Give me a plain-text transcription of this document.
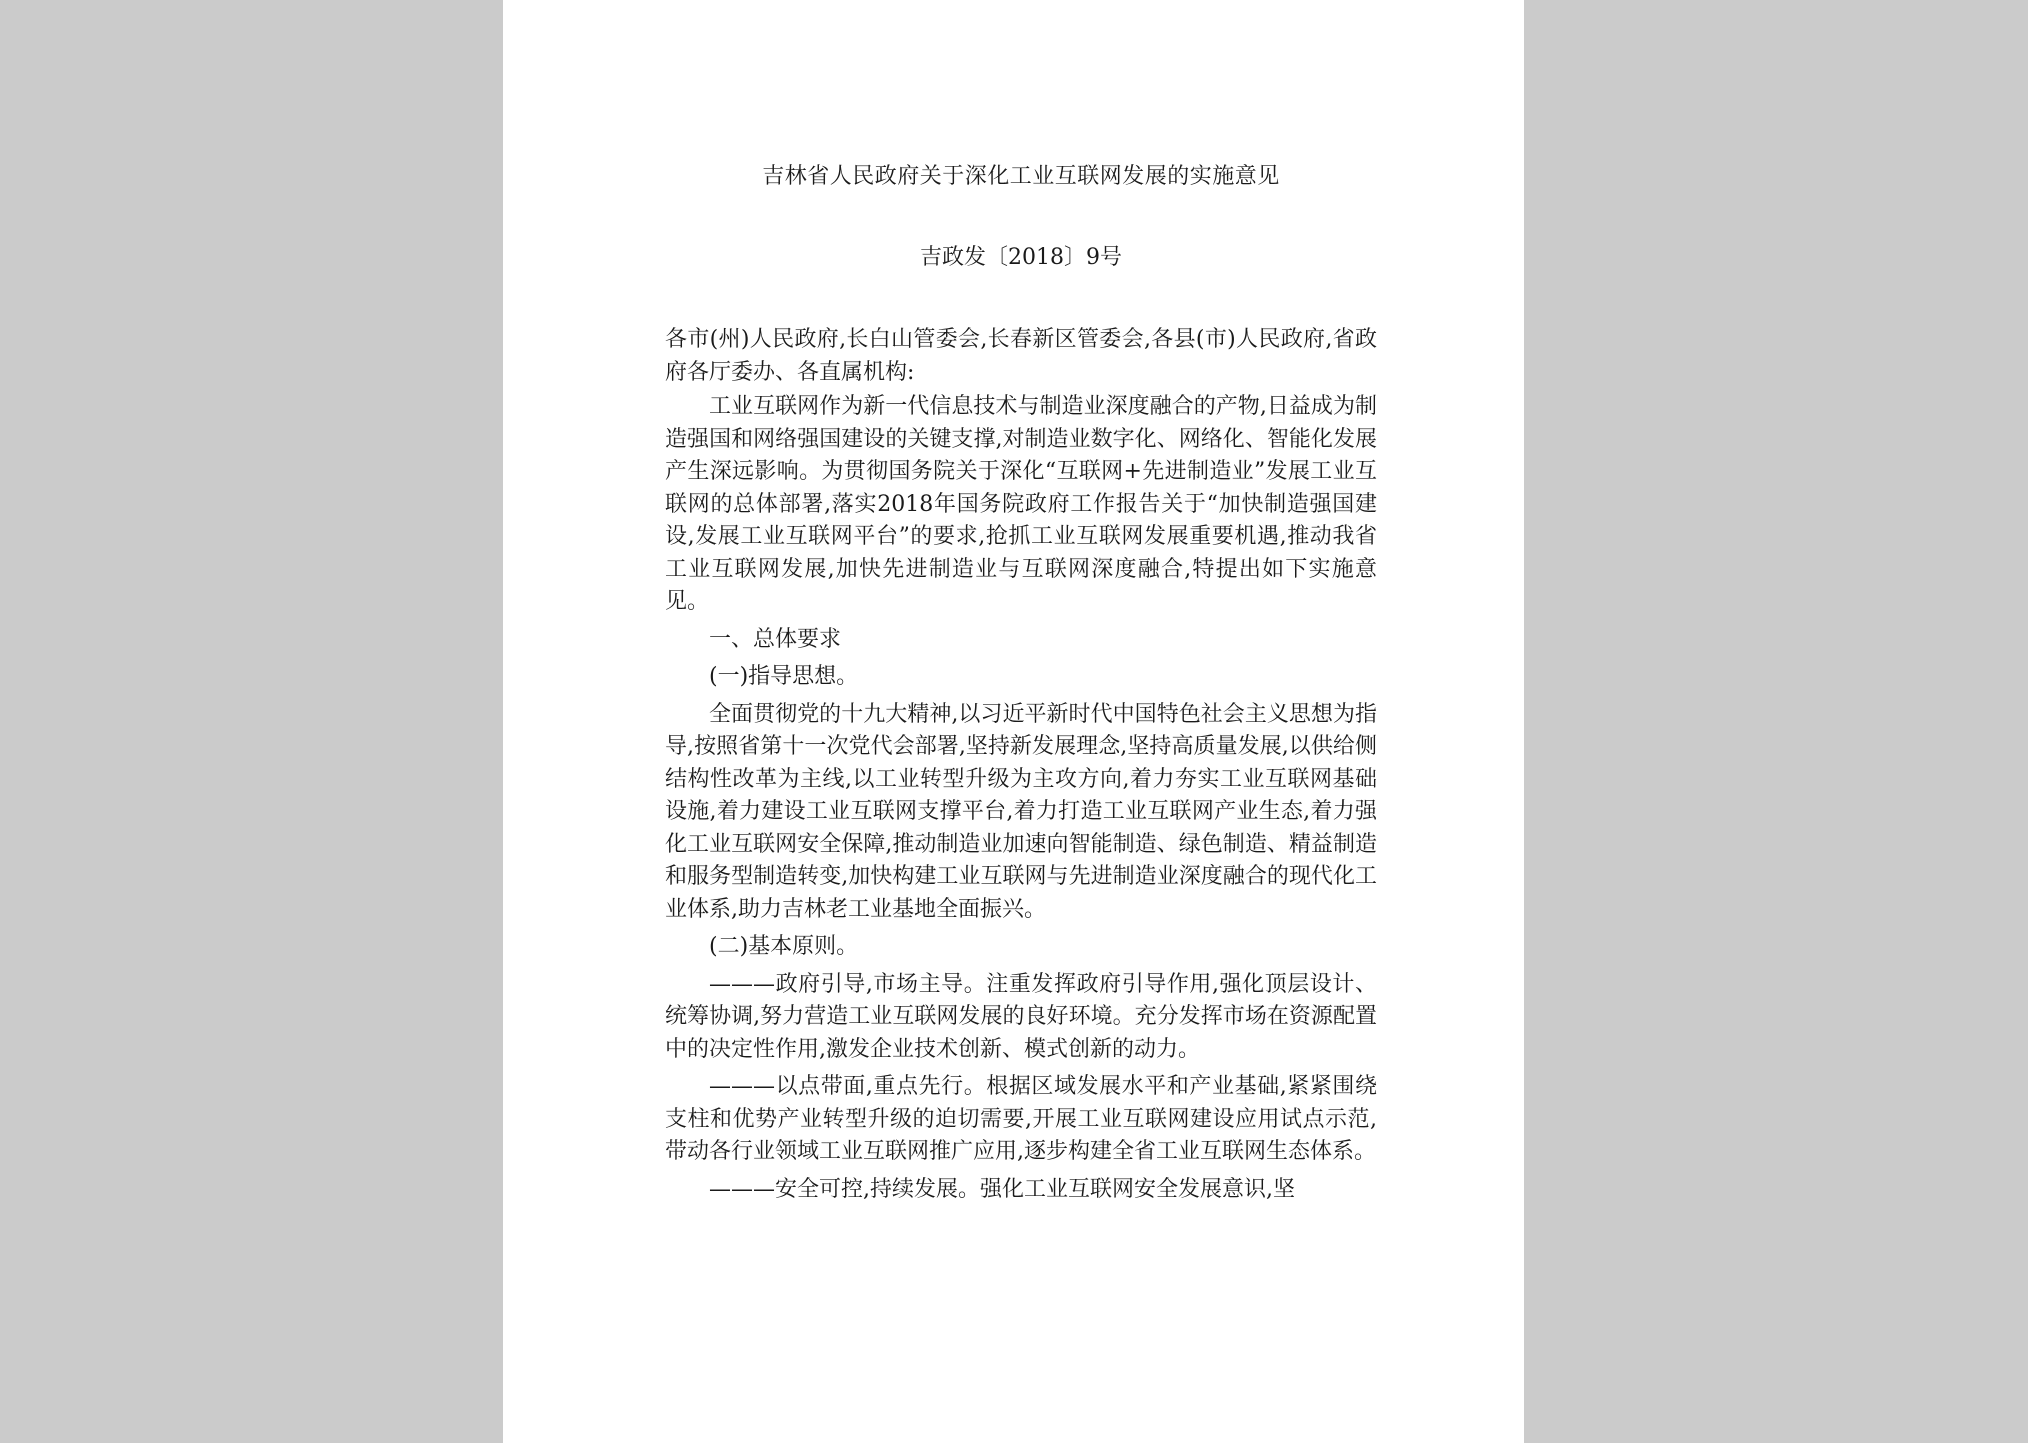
吉林省人民政府关于深化工业互联网发展的实施意见
吉政发〔2018〕9号

各市(州)人民政府,长白山管委会,长春新区管委会,各县(市)人民政府,省政府各厅委办、各直属机构:

工业互联网作为新一代信息技术与制造业深度融合的产物,日益成为制造强国和网络强国建设的关键支撑,对制造业数字化、网络化、智能化发展产生深远影响。为贯彻国务院关于深化“互联网+先进制造业”发展工业互联网的总体部署,落实2018年国务院政府工作报告关于“加快制造强国建设,发展工业互联网平台”的要求,抢抓工业互联网发展重要机遇,推动我省工业互联网发展,加快先进制造业与互联网深度融合,特提出如下实施意见。

一、总体要求

(一)指导思想。

全面贯彻党的十九大精神,以习近平新时代中国特色社会主义思想为指导,按照省第十一次党代会部署,坚持新发展理念,坚持高质量发展,以供给侧结构性改革为主线,以工业转型升级为主攻方向,着力夯实工业互联网基础设施,着力建设工业互联网支撑平台,着力打造工业互联网产业生态,着力强化工业互联网安全保障,推动制造业加速向智能制造、绿色制造、精益制造和服务型制造转变,加快构建工业互联网与先进制造业深度融合的现代化工业体系,助力吉林老工业基地全面振兴。

(二)基本原则。

———政府引导,市场主导。注重发挥政府引导作用,强化顶层设计、统筹协调,努力营造工业互联网发展的良好环境。充分发挥市场在资源配置中的决定性作用,激发企业技术创新、模式创新的动力。

———以点带面,重点先行。根据区域发展水平和产业基础,紧紧围绕支柱和优势产业转型升级的迫切需要,开展工业互联网建设应用试点示范,带动各行业领域工业互联网推广应用,逐步构建全省工业互联网生态体系。

———安全可控,持续发展。强化工业互联网安全发展意识,坚
